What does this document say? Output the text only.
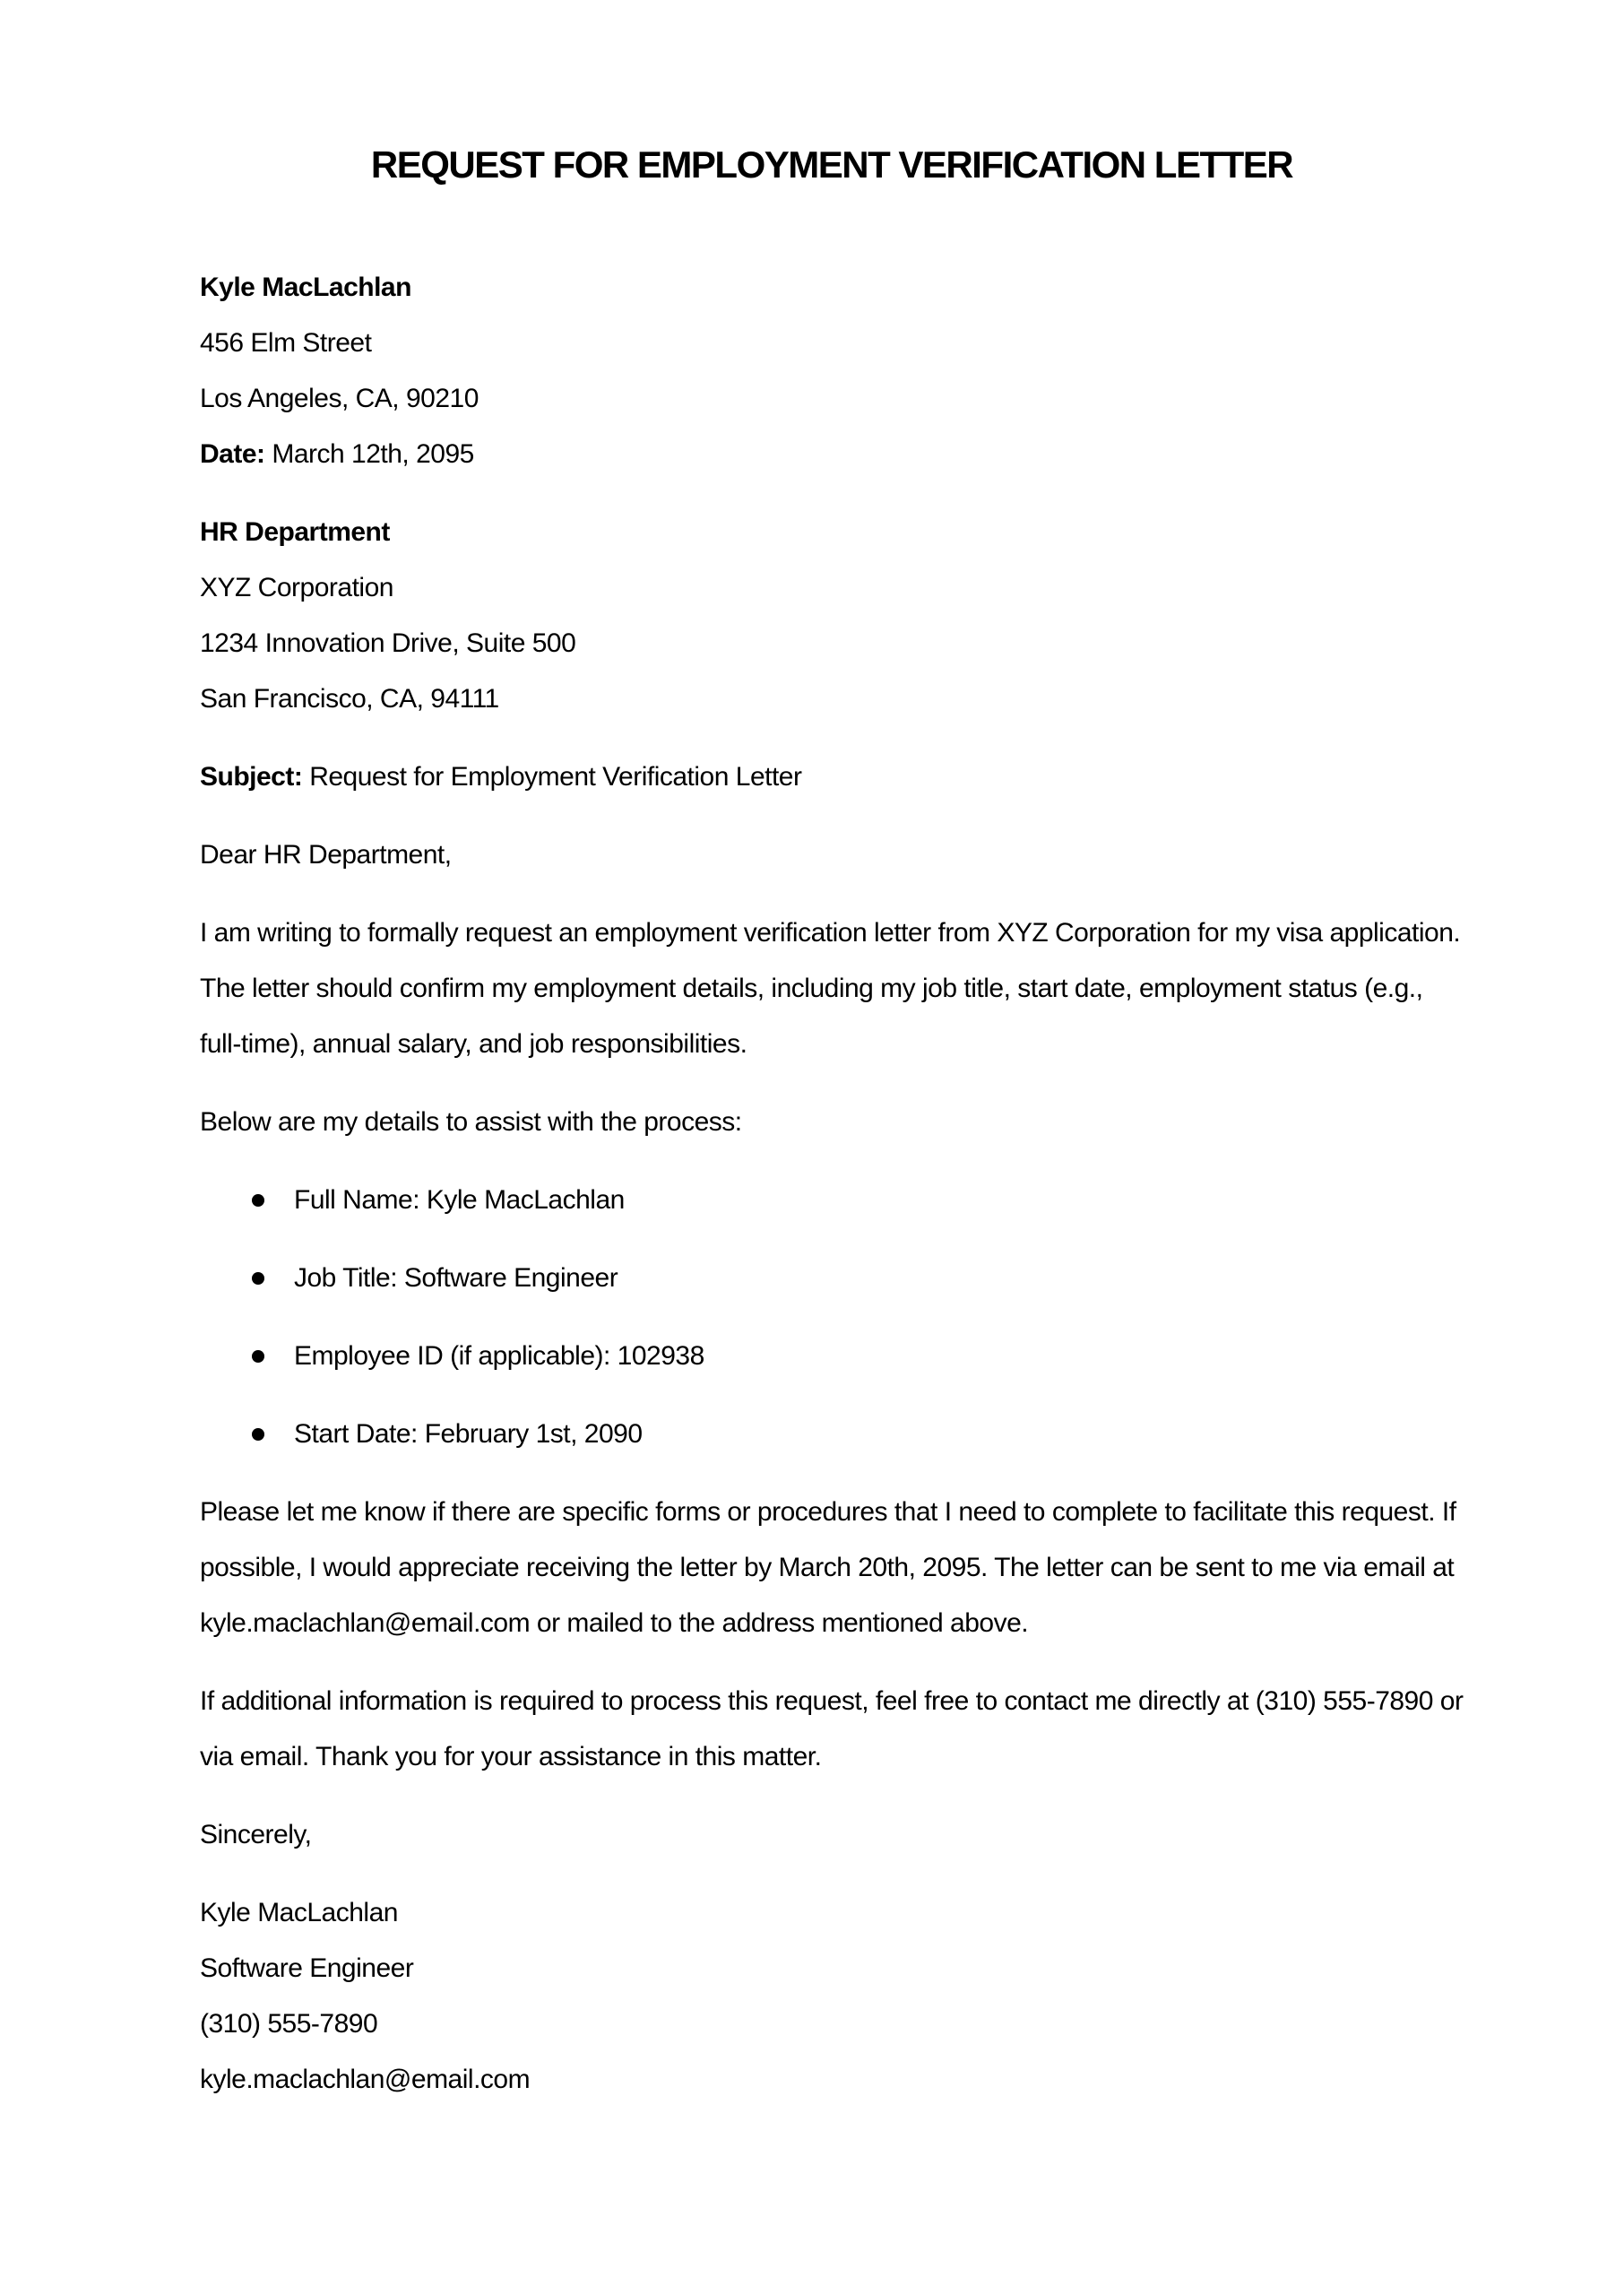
REQUEST FOR EMPLOYMENT VERIFICATION LETTER
Kyle MacLachlan
456 Elm Street
Los Angeles, CA, 90210
Date: March 12th, 2095
HR Department
XYZ Corporation
1234 Innovation Drive, Suite 500
San Francisco, CA, 94111

Subject: Request for Employment Verification Letter

Dear HR Department,

I am writing to formally request an employment verification letter from XYZ Corporation for my visa application. The letter should confirm my employment details, including my job title, start date, employment status (e.g., full-time), annual salary, and job responsibilities.

Below are my details to assist with the process:

Full Name: Kyle MacLachlan
Job Title: Software Engineer
Employee ID (if applicable): 102938
Start Date: February 1st, 2090

Please let me know if there are specific forms or procedures that I need to complete to facilitate this request. If possible, I would appreciate receiving the letter by March 20th, 2095. The letter can be sent to me via email at kyle.maclachlan@email.com or mailed to the address mentioned above.

If additional information is required to process this request, feel free to contact me directly at (310) 555-7890 or via email. Thank you for your assistance in this matter.

Sincerely,

Kyle MacLachlan
Software Engineer
(310) 555-7890
kyle.maclachlan@email.com
